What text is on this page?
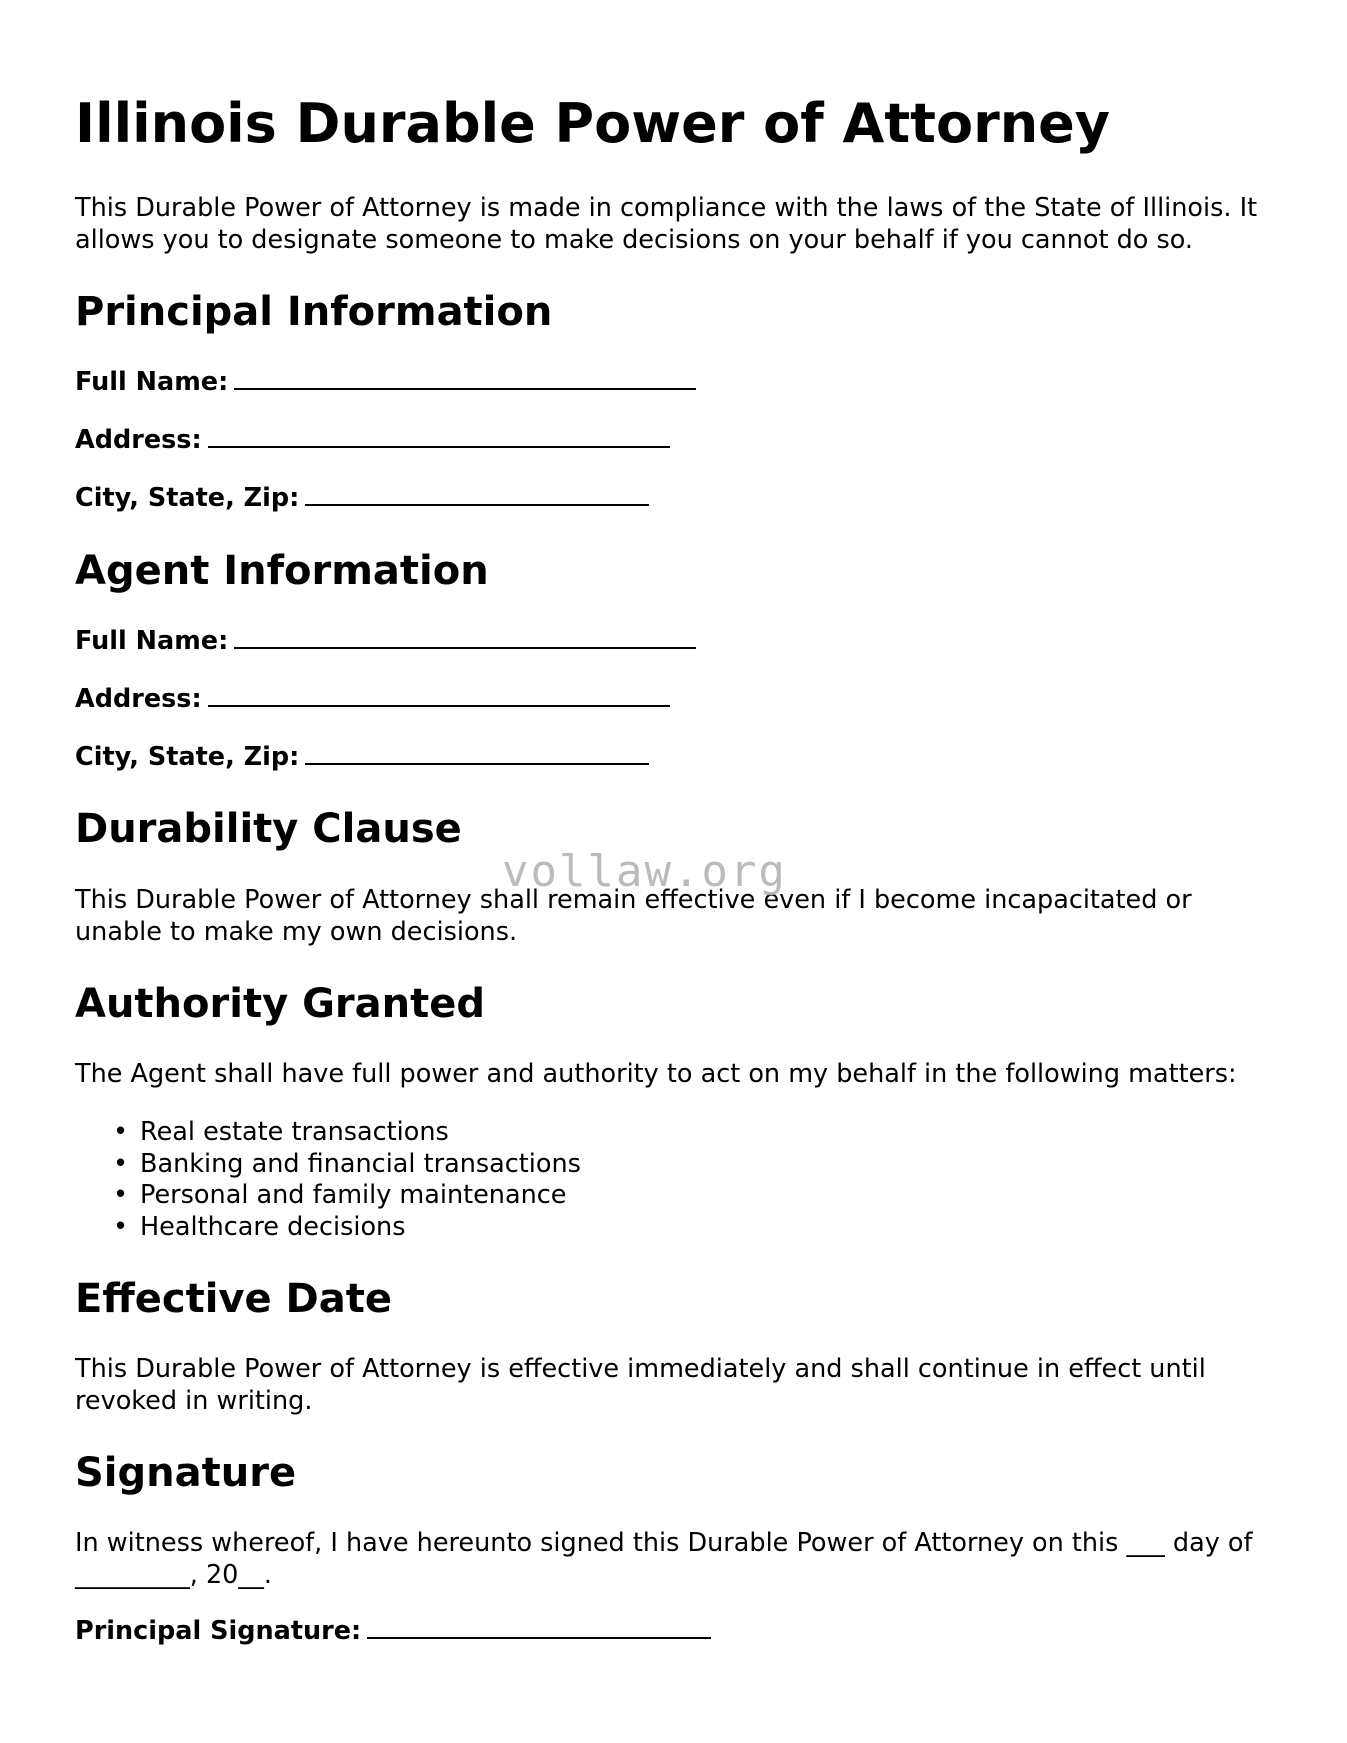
Illinois Durable Power of Attorney

This Durable Power of Attorney is made in compliance with the laws of the State of Illinois. It allows you to designate someone to make decisions on your behalf if you cannot do so.

Principal Information

Full Name:

Address:

City, State, Zip:

Agent Information

Full Name:

Address:

City, State, Zip:

Durability Clause

This Durable Power of Attorney shall remain effective even if I become incapacitated or unable to make my own decisions.

Authority Granted

The Agent shall have full power and authority to act on my behalf in the following matters:

• Real estate transactions
• Banking and financial transactions
• Personal and family maintenance
• Healthcare decisions
Effective Date

This Durable Power of Attorney is effective immediately and shall continue in effect until revoked in writing.

Signature

In witness whereof, I have hereunto signed this Durable Power of Attorney on this ___ day of _________, 20__.

Principal Signature:

vollaw.org
